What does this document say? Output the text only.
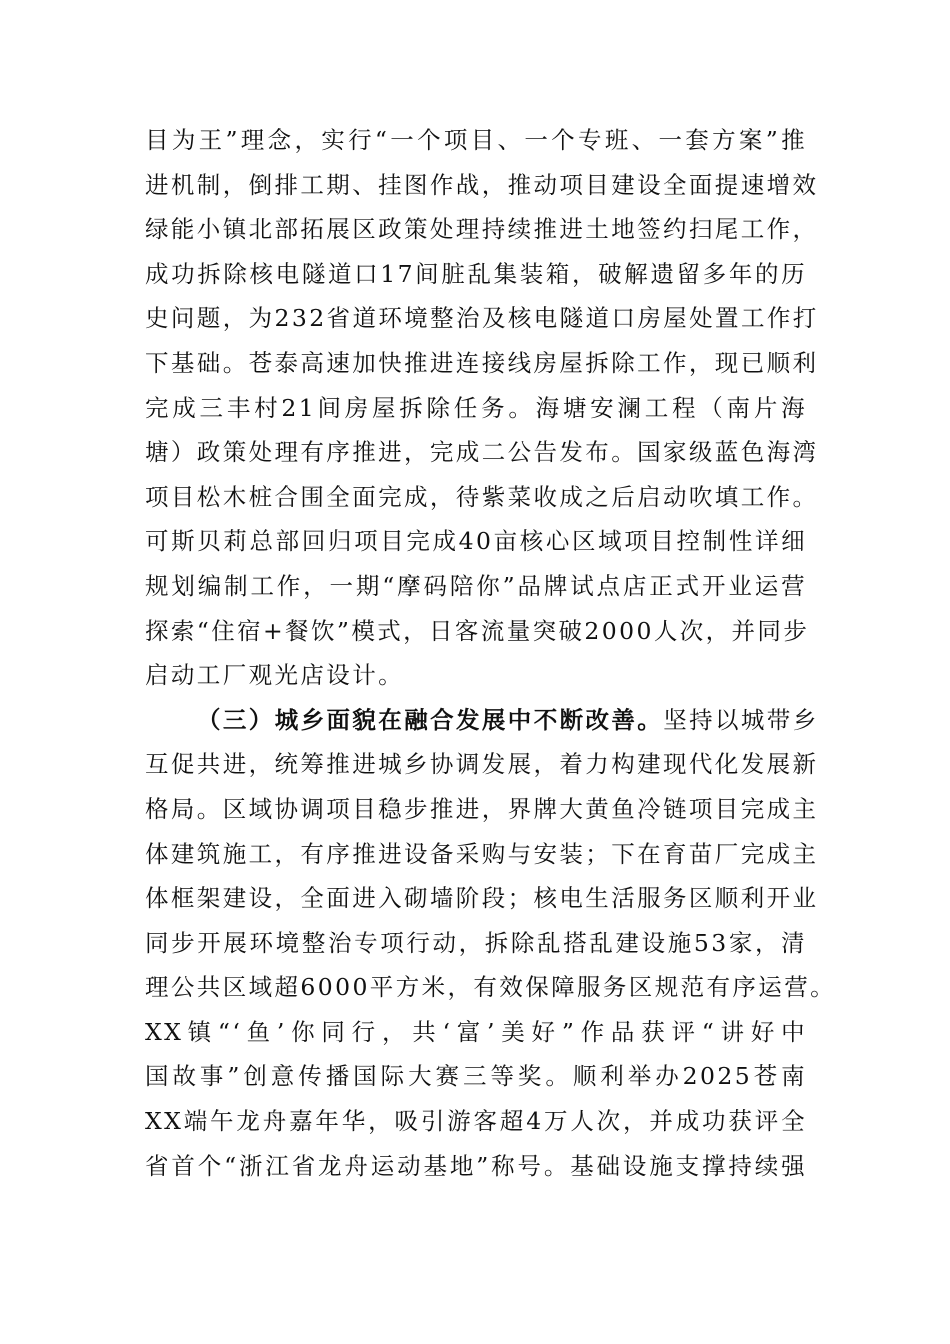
目为王”理念，实行“一个项目、一个专班、一套方案”推
进机制，倒排工期、挂图作战，推动项目建设全面提速增效
绿能小镇北部拓展区政策处理持续推进土地签约扫尾工作，
成功拆除核电隧道口17间脏乱集装箱，破解遗留多年的历
史问题，为232省道环境整治及核电隧道口房屋处置工作打
下基础。苍泰高速加快推进连接线房屋拆除工作，现已顺利
完成三丰村21间房屋拆除任务。海塘安澜工程（南片海
塘）政策处理有序推进，完成二公告发布。国家级蓝色海湾
项目松木桩合围全面完成，待紫菜收成之后启动吹填工作。
可斯贝莉总部回归项目完成40亩核心区域项目控制性详细
规划编制工作，一期“摩码陪你”品牌试点店正式开业运营
探索“住宿+餐饮”模式，日客流量突破2000人次，并同步
启动工厂观光店设计。
（三）城乡面貌在融合发展中不断改善。坚持以城带乡
互促共进，统筹推进城乡协调发展，着力构建现代化发展新
格局。区域协调项目稳步推进，界牌大黄鱼冷链项目完成主
体建筑施工，有序推进设备采购与安装；下在育苗厂完成主
体框架建设，全面进入砌墙阶段；核电生活服务区顺利开业
同步开展环境整治专项行动，拆除乱搭乱建设施53家，清
理公共区域超6000平方米，有效保障服务区规范有序运营。
XX镇“‘鱼’你同行，共‘富’美好”作品获评“讲好中
国故事”创意传播国际大赛三等奖。顺利举办2025苍南
XX端午龙舟嘉年华，吸引游客超4万人次，并成功获评全
省首个“浙江省龙舟运动基地”称号。基础设施支撑持续强
